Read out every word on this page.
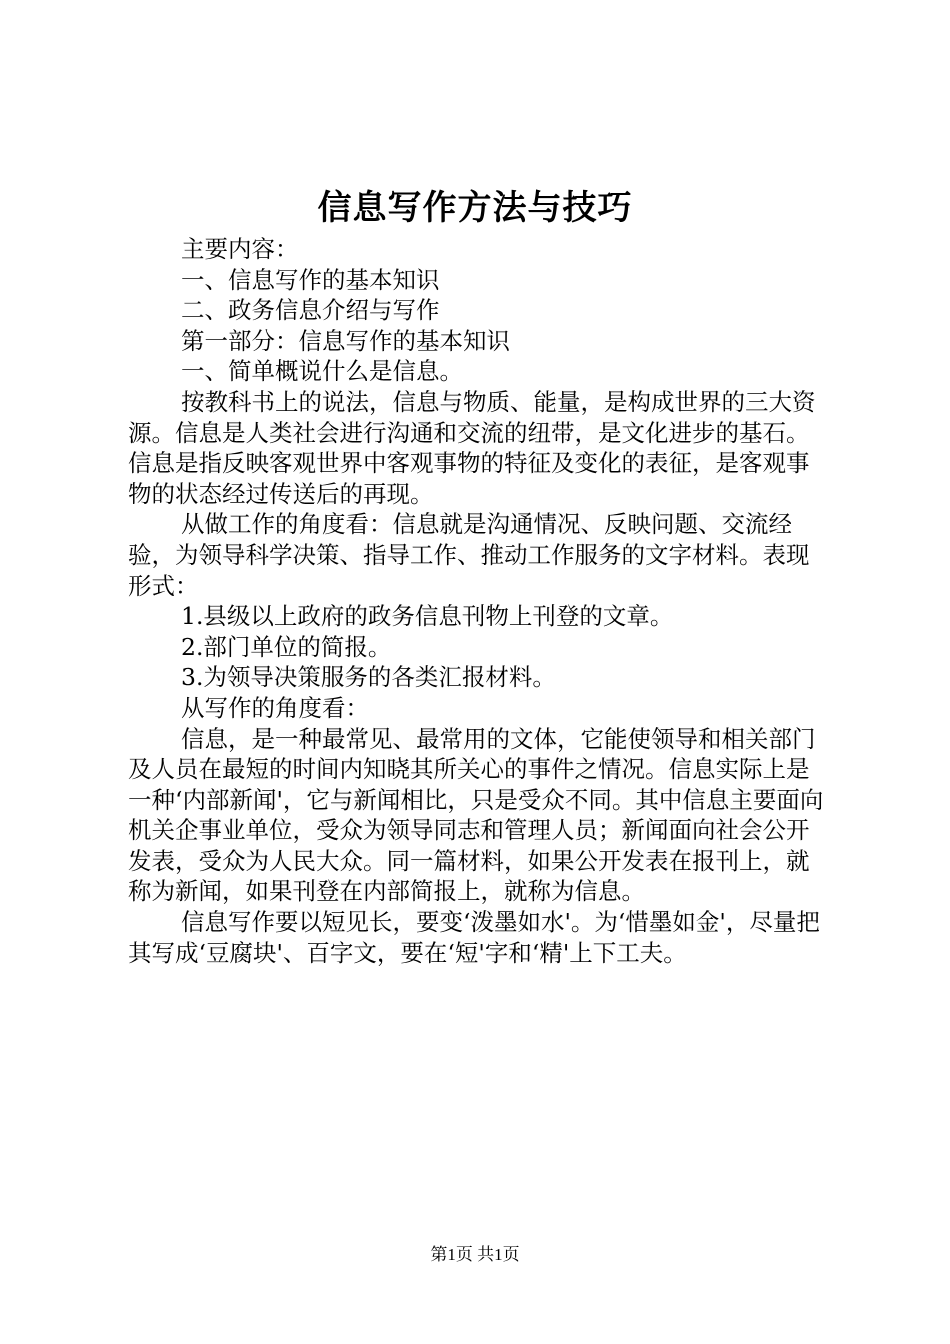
信息写作方法与技巧

主要内容：

一、信息写作的基本知识

二、政务信息介绍与写作

第一部分：信息写作的基本知识

一、简单概说什么是信息。

按教科书上的说法，信息与物质、能量，是构成世界的三大资源。信息是人类社会进行沟通和交流的纽带，是文化进步的基石。信息是指反映客观世界中客观事物的特征及变化的表征，是客观事物的状态经过传送后的再现。

从做工作的角度看：信息就是沟通情况、反映问题、交流经验，为领导科学决策、指导工作、推动工作服务的文字材料。表现形式：

1.县级以上政府的政务信息刊物上刊登的文章。

2.部门单位的简报。

3.为领导决策服务的各类汇报材料。

从写作的角度看：

信息，是一种最常见、最常用的文体，它能使领导和相关部门及人员在最短的时间内知晓其所关心的事件之情况。信息实际上是一种‘内部新闻'，它与新闻相比，只是受众不同。其中信息主要面向机关企事业单位，受众为领导同志和管理人员；新闻面向社会公开发表，受众为人民大众。同一篇材料，如果公开发表在报刊上，就称为新闻，如果刊登在内部简报上，就称为信息。

信息写作要以短见长，要变‘泼墨如水'。为‘惜墨如金'，尽量把其写成‘豆腐块'、百字文，要在‘短'字和‘精'上下工夫。

第1页 共1页
